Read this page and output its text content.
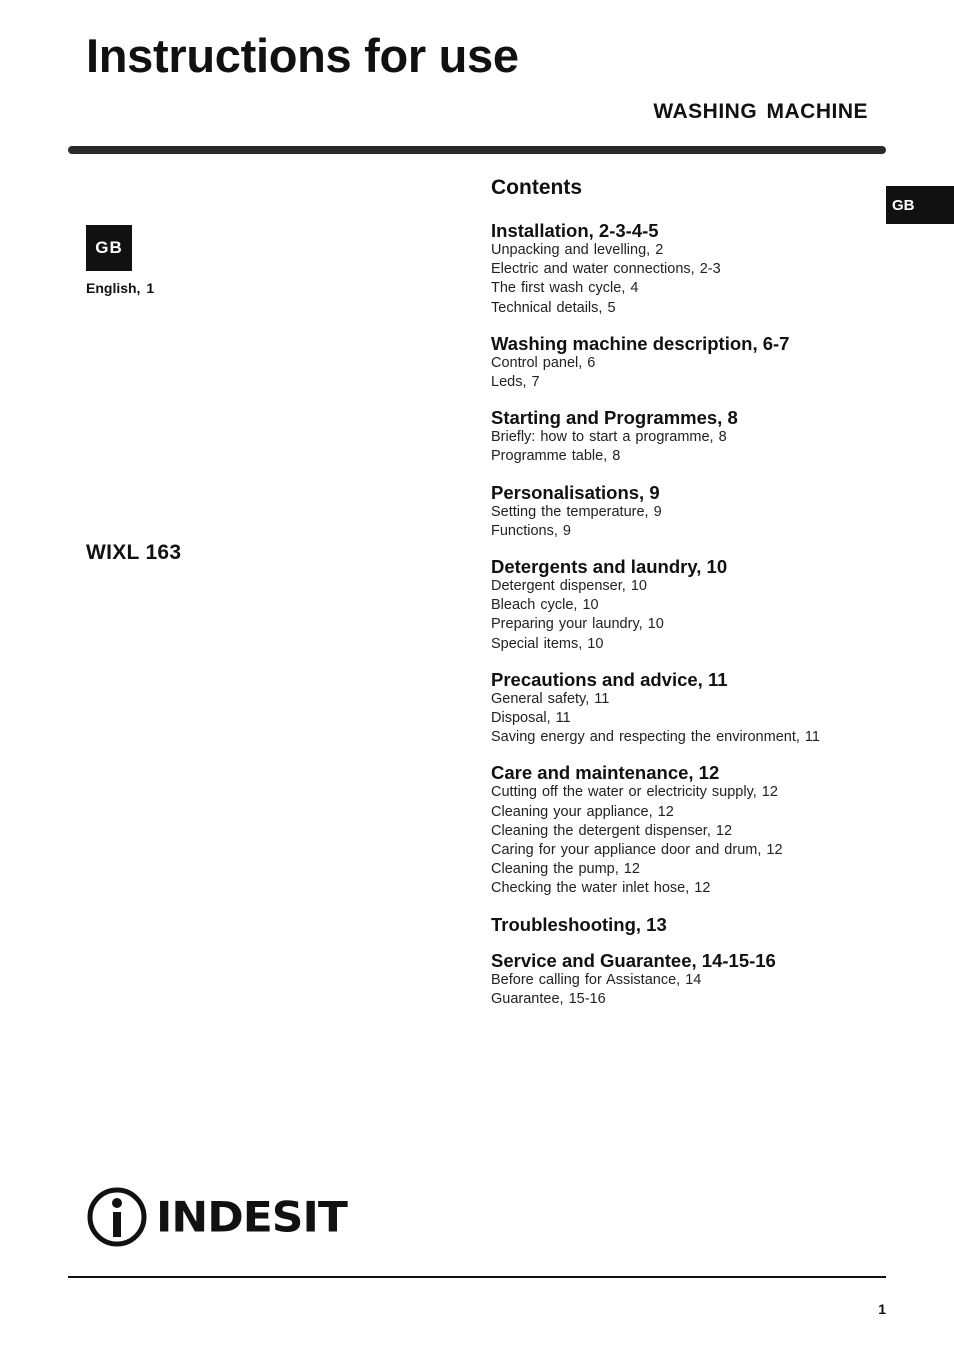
Instructions for use
WASHING MACHINE
GB
GB
English, 1
WIXL 163
Contents
Installation, 2-3-4-5
Unpacking and levelling, 2
Electric and water connections, 2-3
The first wash cycle, 4
Technical details, 5
Washing machine description, 6-7
Control panel, 6
Leds, 7
Starting and Programmes, 8
Briefly: how to start a programme, 8
Programme table, 8
Personalisations, 9
Setting the temperature, 9
Functions, 9
Detergents and laundry, 10
Detergent dispenser, 10
Bleach cycle, 10
Preparing your laundry, 10
Special items, 10
Precautions and advice, 11
General safety, 11
Disposal, 11
Saving energy and respecting the environment, 11
Care and maintenance, 12
Cutting off the water or electricity supply, 12
Cleaning your appliance, 12
Cleaning the detergent dispenser, 12
Caring for your appliance door and drum, 12
Cleaning the pump, 12
Checking the water inlet hose, 12
Troubleshooting, 13
Service and Guarantee, 14-15-16
Before calling for Assistance, 14
Guarantee, 15-16
INDESIT
1
